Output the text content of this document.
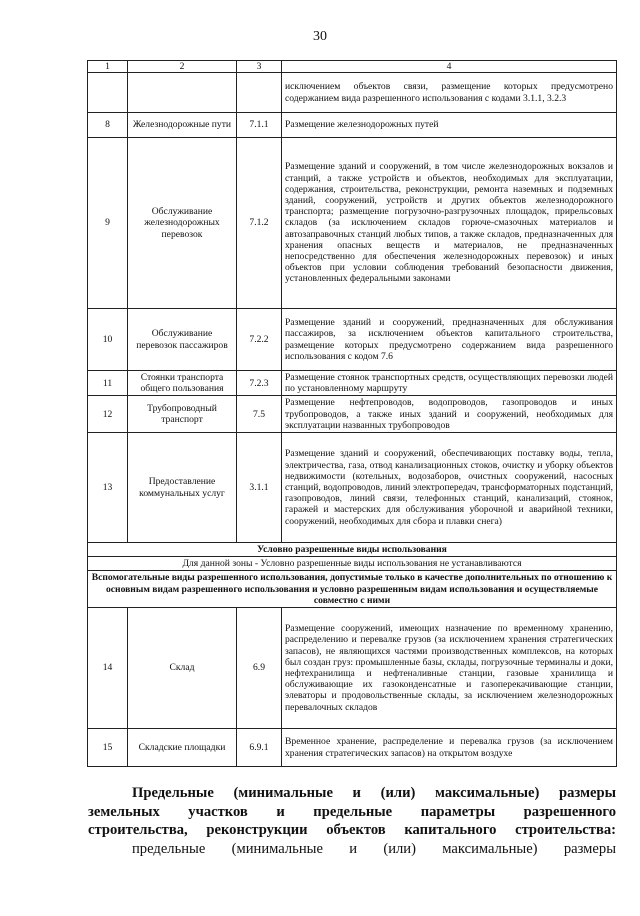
30
1	2	3	4
			исключением объектов связи, размещение которых предусмотрено содержанием вида разрешенного использования с кодами 3.1.1, 3.2.3
8	Железнодорожные пути	7.1.1	Размещение железнодорожных путей
9	Обслуживание железнодорожных перевозок	7.1.2	Размещение зданий и сооружений, в том числе железнодорожных вокзалов и станций, а также устройств и объектов, необходимых для эксплуатации, содержания, строительства, реконструкции, ремонта наземных и подземных зданий, сооружений, устройств и других объектов железнодорожного транспорта; размещение погрузочно-разгрузочных площадок, прирельсовых складов (за исключением складов горюче-смазочных материалов и автозаправочных станций любых типов, а также складов, предназначенных для хранения опасных веществ и материалов, не предназначенных непосредственно для обеспечения железнодорожных перевозок) и иных объектов при условии соблюдения требований безопасности движения, установленных федеральными законами
10	Обслуживание перевозок пассажиров	7.2.2	Размещение зданий и сооружений, предназначенных для обслуживания пассажиров, за исключением объектов капитального строительства, размещение которых предусмотрено содержанием вида разрешенного использования с кодом 7.6
11	Стоянки транспорта общего пользования	7.2.3	Размещение стоянок транспортных средств, осуществляющих перевозки людей по установленному маршруту
12	Трубопроводный транспорт	7.5	Размещение нефтепроводов, водопроводов, газопроводов и иных трубопроводов, а также иных зданий и сооружений, необходимых для эксплуатации названных трубопроводов
13	Предоставление коммунальных услуг	3.1.1	Размещение зданий и сооружений, обеспечивающих поставку воды, тепла, электричества, газа, отвод канализационных стоков, очистку и уборку объектов недвижимости (котельных, водозаборов, очистных сооружений, насосных станций, водопроводов, линий электропередач, трансформаторных подстанций, газопроводов, линий связи, телефонных станций, канализаций, стоянок, гаражей и мастерских для обслуживания уборочной и аварийной техники, сооружений, необходимых для сбора и плавки снега)
Условно разрешенные виды использования			
Для данной зоны - Условно разрешенные виды использования не устанавливаются			
Вспомогательные виды разрешенного использования, допустимые только в качестве дополнительных по отношению к основным видам разрешенного использования и условно разрешенным видам использования и осуществляемые совместно с ними			
14	Склад	6.9	Размещение сооружений, имеющих назначение по временному хранению, распределению и перевалке грузов (за исключением хранения стратегических запасов), не являющихся частями производственных комплексов, на которых был создан груз: промышленные базы, склады, погрузочные терминалы и доки, нефтехранилища и нефтеналивные станции, газовые хранилища и обслуживающие их газоконденсатные и газоперекачивающие станции, элеваторы и продовольственные склады, за исключением железнодорожных перевалочных складов
15	Складские площадки	6.9.1	Временное хранение, распределение и перевалка грузов (за исключением хранения стратегических запасов) на открытом воздухе

Предельные (минимальные и (или) максимальные) размеры

земельных участков и предельные параметры разрешенного

строительства, реконструкции объектов капитального строительства:

предельные (минимальные и (или) максимальные) размеры
